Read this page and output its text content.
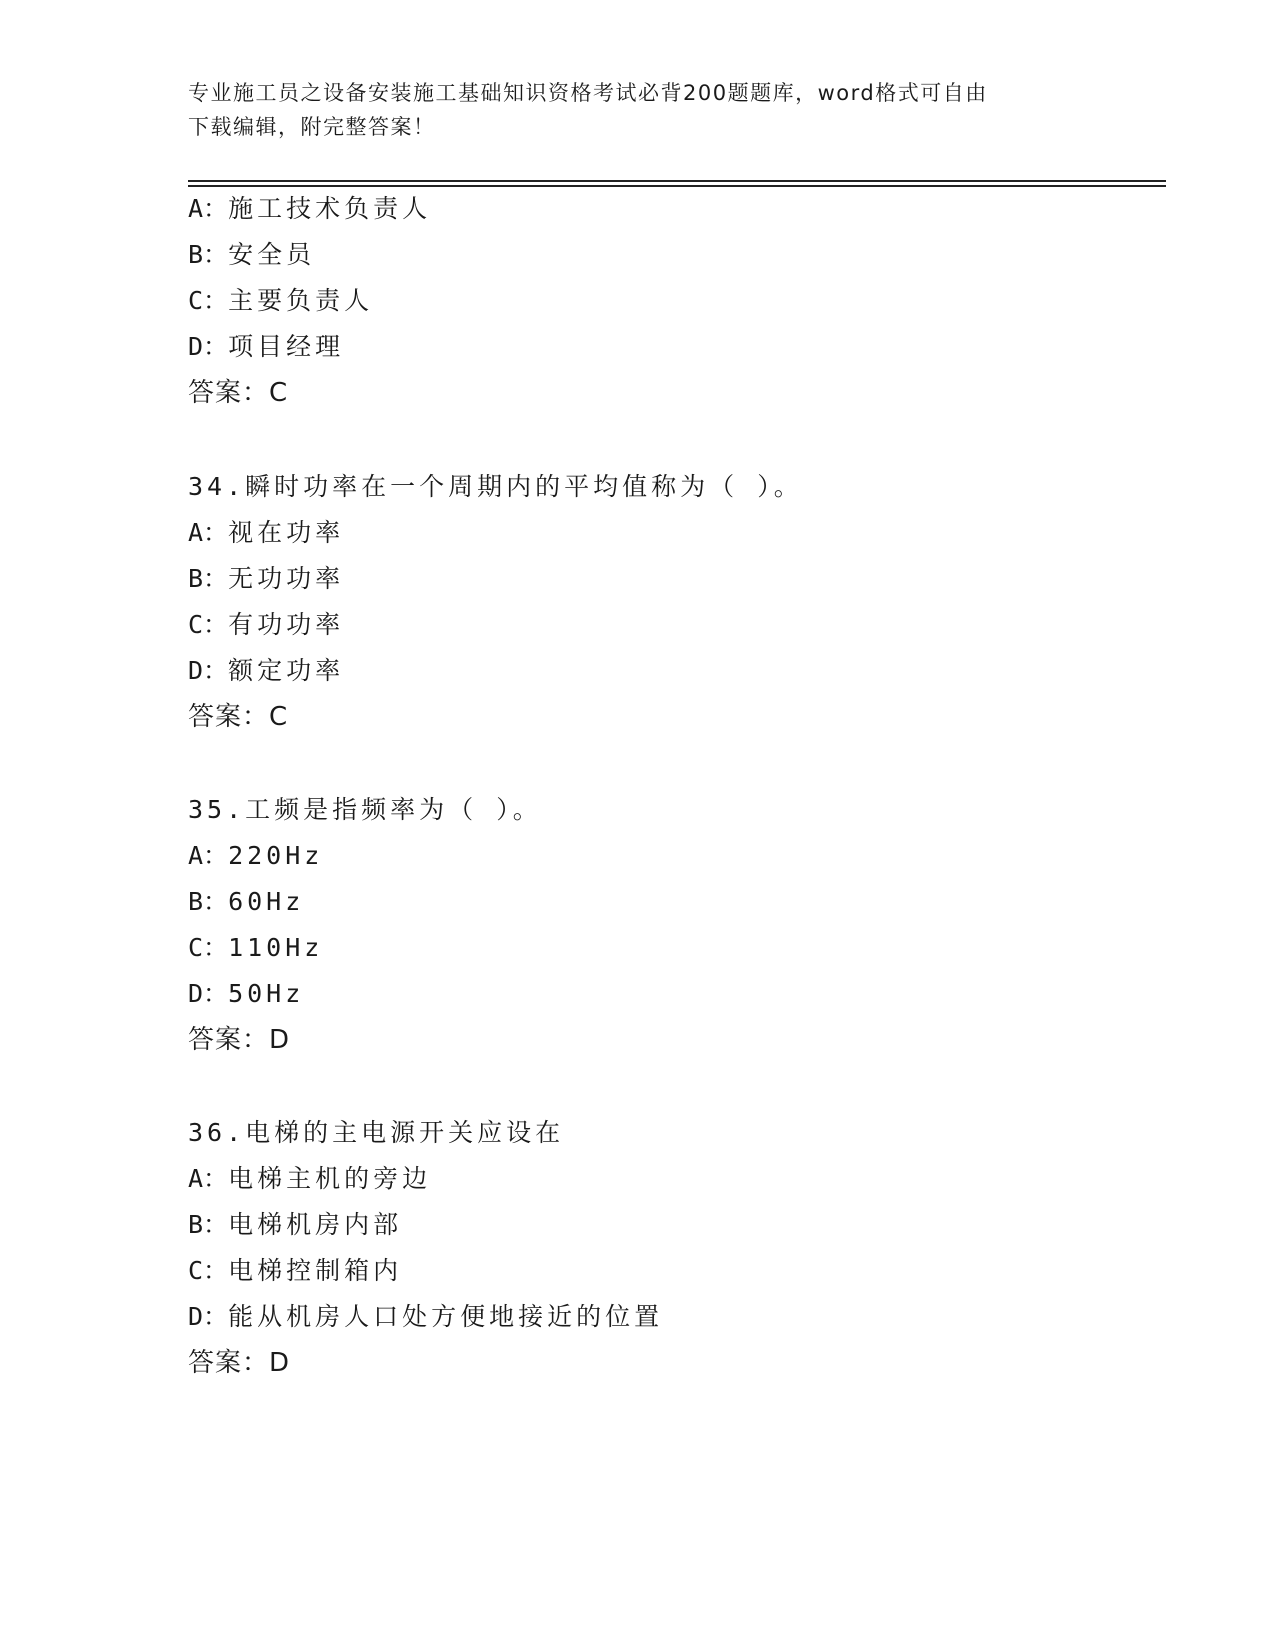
专业施工员之设备安装施工基础知识资格考试必背200题题库，word格式可自由
下载编辑，附完整答案！
A：施工技术负责人
B：安全员
C：主要负责人
D：项目经理
答案：C
34.瞬时功率在一个周期内的平均值称为（ ）。
A：视在功率
B：无功功率
C：有功功率
D：额定功率
答案：C
35.工频是指频率为（ ）。
A：220Hz
B：60Hz
C：110Hz
D：50Hz
答案：D
36.电梯的主电源开关应设在
A：电梯主机的旁边
B：电梯机房内部
C：电梯控制箱内
D：能从机房人口处方便地接近的位置
答案：D
